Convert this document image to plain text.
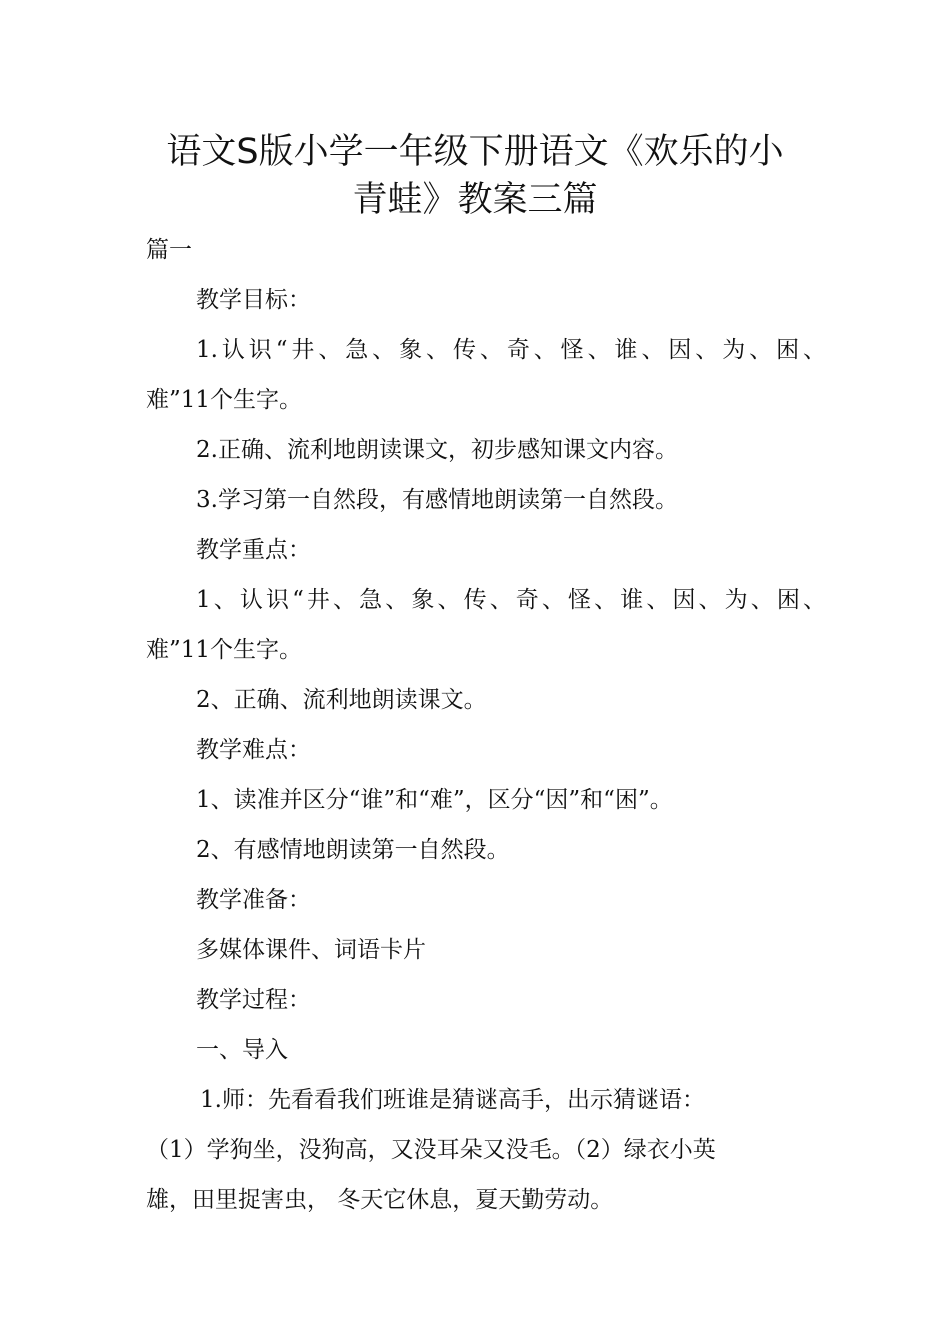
语文S版小学一年级下册语文《欢乐的小
青蛙》教案三篇
篇一
教学目标：
1.认识“井、急、象、传、奇、怪、谁、因、为、困、
难”11个生字。
2.正确、流利地朗读课文，初步感知课文内容。
3.学习第一自然段，有感情地朗读第一自然段。
教学重点：
1、认识“井、急、象、传、奇、怪、谁、因、为、困、
难”11个生字。
2、正确、流利地朗读课文。
教学难点：
1、读准并区分“谁”和“难”，区分“因”和“困”。
2、有感情地朗读第一自然段。
教学准备：
多媒体课件、词语卡片
教学过程：
一、导入
1.师：先看看我们班谁是猜谜高手，出示猜谜语：
（1）学狗坐，没狗高，又没耳朵又没毛。（2）绿衣小英
雄，田里捉害虫， 冬天它休息，夏天勤劳动。
